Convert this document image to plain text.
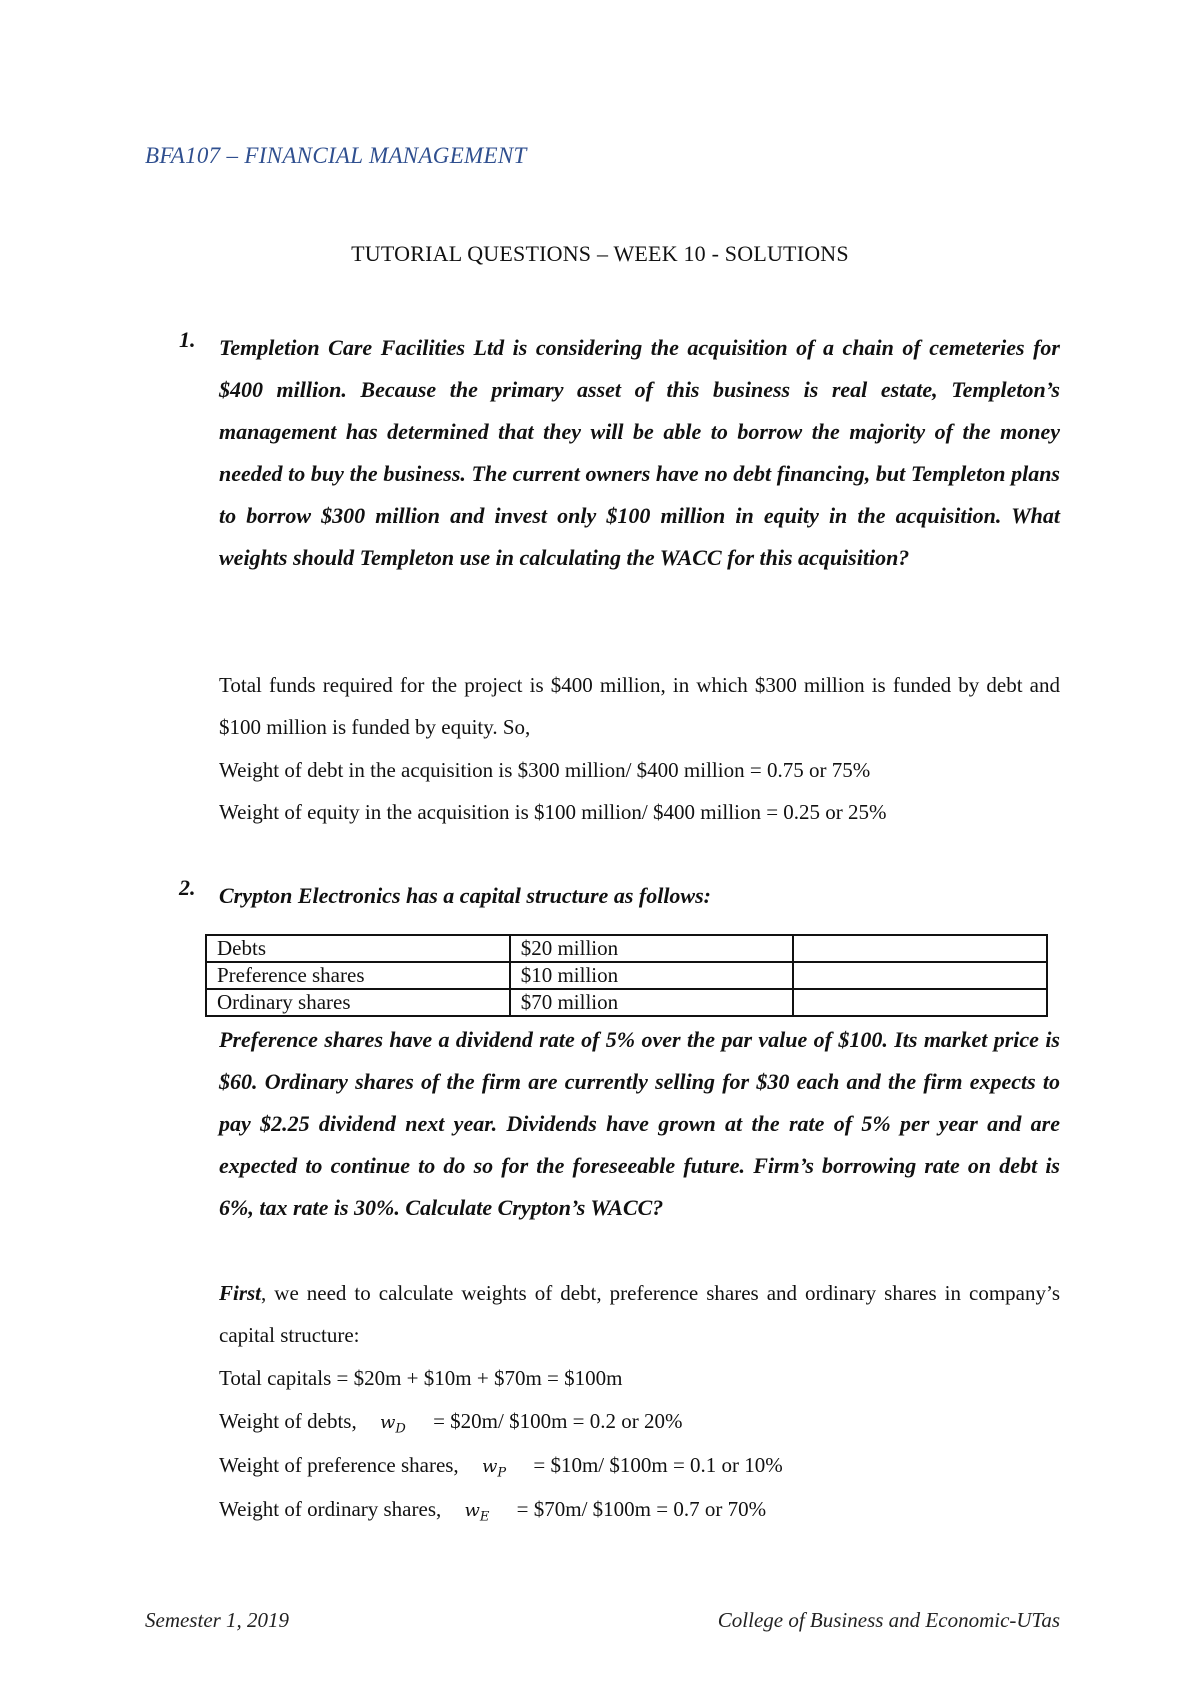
BFA107 – FINANCIAL MANAGEMENT
TUTORIAL QUESTIONS – WEEK 10 - SOLUTIONS
1. Templetion Care Facilities Ltd is considering the acquisition of a chain of cemeteries for $400 million. Because the primary asset of this business is real estate, Templeton’s management has determined that they will be able to borrow the majority of the money needed to buy the business. The current owners have no debt financing, but Templeton plans to borrow $300 million and invest only $100 million in equity in the acquisition. What weights should Templeton use in calculating the WACC for this acquisition?

Total funds required for the project is $400 million, in which $300 million is funded by debt and $100 million is funded by equity. So,

Weight of debt in the acquisition is $300 million/ $400 million = 0.75 or 75%
Weight of equity in the acquisition is $100 million/ $400 million = 0.25 or 25%
2. Crypton Electronics has a capital structure as follows:

Debts	$20 million	
Preference shares	$10 million	
Ordinary shares	$70 million	

Preference shares have a dividend rate of 5% over the par value of $100. Its market price is $60. Ordinary shares of the firm are currently selling for $30 each and the firm expects to pay $2.25 dividend next year. Dividends have grown at the rate of 5% per year and are expected to continue to do so for the foreseeable future. Firm’s borrowing rate on debt is 6%, tax rate is 30%. Calculate Crypton’s WACC?

First, we need to calculate weights of debt, preference shares and ordinary shares in company’s capital structure:

Total capitals = $20m + $10m + $70m = $100m
Weight of debts, $w_D$ = $20m/ $100m = 0.2 or 20%
Weight of preference shares, $w_P$ = $10m/ $100m = 0.1 or 10%
Weight of ordinary shares, $w_E$ = $70m/ $100m = 0.7 or 70%
Semester 1, 2019	College of Business and Economic-UTas
